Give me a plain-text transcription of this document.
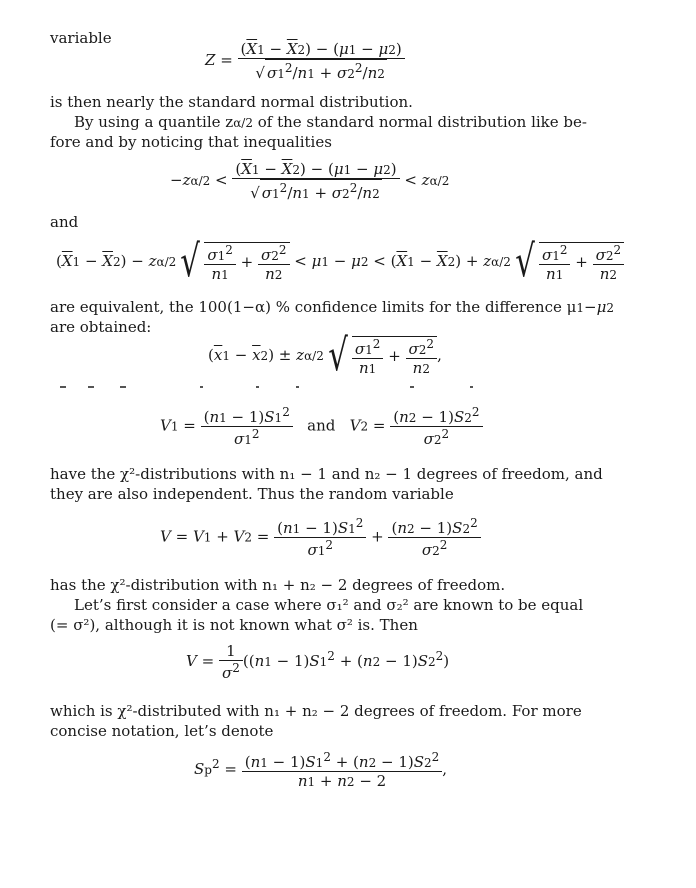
variable
$Z = \frac{(\overline{X}1 - \overline{X}2) - (\mu 1 - \mu 2)}{√ \sigma 1^2/n1 + \sigma 2^2/n2}$
is then nearly the standard normal distribution.
By using a quantile zα/2 of the standard normal distribution like be-
fore and by noticing that inequalities
$-z\alpha/2 < \frac{(\overline{X}1 - \overline{X}2) - (\mu 1 - \mu 2)}{√ \sigma 1^2/n1 + \sigma 2^2/n2} < z\alpha/2$
and
$(\overline{X}1 - \overline{X}2) - z\alpha/2√ \frac{\sigma 1^2}{n1} + \frac{\sigma 2^2}{n2} < \mu 1 - \mu 2 < (\overline{X}1 - \overline{X}2) + z\alpha/2√ \frac{\sigma 1^2}{n1} + \frac{\sigma 2^2}{n2}$
are equivalent, the 100(1−α) % confidence limits for the difference μ1−μ2
are obtained:
$(\overline{x}1 - \overline{x}2) \pm z\alpha/2√ \frac{\sigma 1^2}{n1} + \frac{\sigma 2^2}{n2}$ ,
$V1 = \frac{(n1 - 1)S1^2}{\sigma 1^2}$ and $V2 = \frac{(n2 - 1)S2^2}{\sigma 2^2}$
have the χ²-distributions with n₁ − 1 and n₂ − 1 degrees of freedom, and
they are also independent. Thus the random variable
$V = V1 + V2 = \frac{(n1 - 1)S1^2}{\sigma 1^2} + \frac{(n2 - 1)S2^2}{\sigma 2^2}$
has the χ²-distribution with n₁ + n₂ − 2 degrees of freedom.
Let’s first consider a case where σ₁² and σ₂² are known to be equal
(= σ²), although it is not known what σ² is. Then
$V = \frac{1}{\sigma^2} ((n1 - 1)S1^2 + (n2 - 1)S2^2)$
which is χ²-distributed with n₁ + n₂ − 2 degrees of freedom. For more
concise notation, let’s denote
$Sp^2 = \frac{(n1 - 1)S1^2 + (n2 - 1)S2^2}{n1 + n2 - 2}$ ,
